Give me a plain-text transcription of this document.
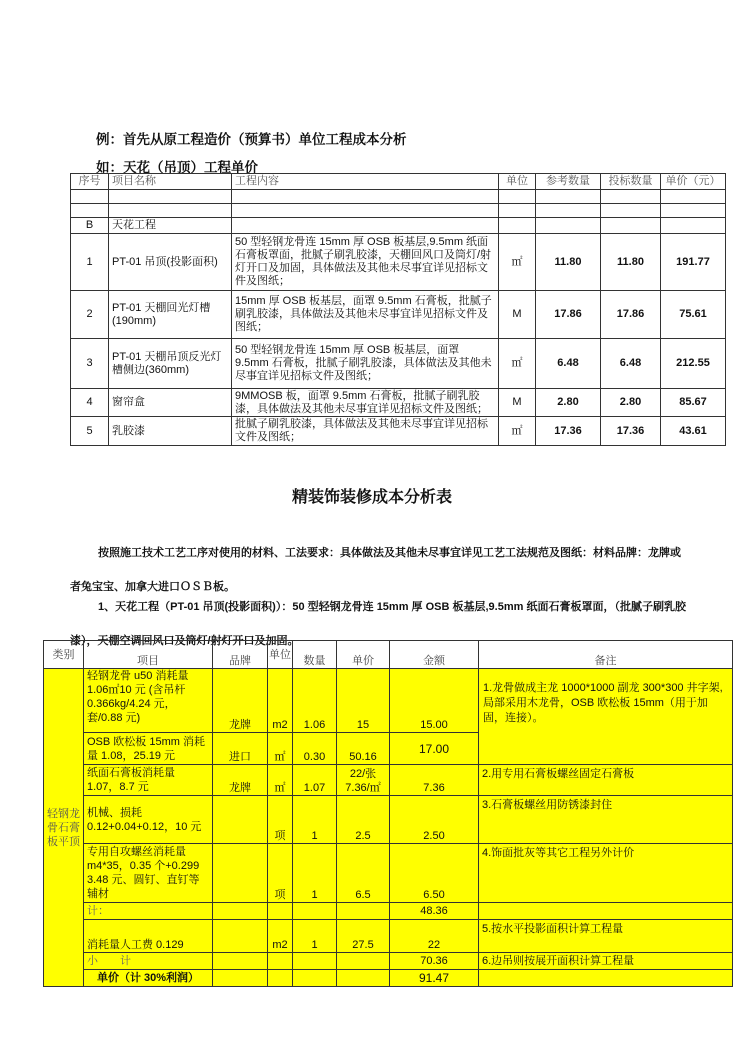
例：首先从原工程造价（预算书）单位工程成本分析
如：天花（吊顶）工程单价
序号	项目名称	工程内容	单位	参考数量	投标数量	单价（元）

B	天花工程					
1	PT-01 吊顶(投影面积)	50 型轻钢龙骨连 15mm 厚 OSB 板基层,9.5mm 纸面石膏板罩面，批腻子刷乳胶漆，天棚回风口及筒灯/射灯开口及加固，具体做法及其他未尽事宜详见招标文件及图纸；	㎡	11.80	11.80	191.77
2	PT-01 天棚回光灯槽(190mm)	15mm 厚 OSB 板基层，面罩 9.5mm 石膏板，批腻子刷乳胶漆，具体做法及其他未尽事宜详见招标文件及图纸；	M	17.86	17.86	75.61
3	PT-01 天棚吊顶反光灯槽侧边(360mm)	50 型轻钢龙骨连 15mm 厚 OSB 板基层，面罩 9.5mm 石膏板，批腻子刷乳胶漆，具体做法及其他未尽事宜详见招标文件及图纸；	㎡	6.48	6.48	212.55
4	窗帘盒	9MMOSB 板，面罩 9.5mm 石膏板，批腻子刷乳胶漆，具体做法及其他未尽事宜详见招标文件及图纸；	M	2.80	2.80	85.67
5	乳胶漆	批腻子刷乳胶漆，具体做法及其他未尽事宜详见招标文件及图纸；	㎡	17.36	17.36	43.61
精装饰装修成本分析表
按照施工技术工艺工序对使用的材料、工法要求：具体做法及其他未尽事宜详见工艺工法规范及图纸：材料品牌：龙牌或者兔宝宝、加拿大进口ＯＳＢ板。
1、天花工程（PT-01 吊顶(投影面积)）：50 型轻钢龙骨连 15mm 厚 OSB 板基层,9.5mm 纸面石膏板罩面，（批腻子刷乳胶漆），天棚空调回风口及筒灯/射灯开口及加固。
类别	项目	品牌	单位	数量	单价	金额	备注
轻钢龙骨石膏板平顶	轻钢龙骨 u50 消耗量 1.06㎡10 元 (含吊杆 0.366kg/4.24 元，套/0.88 元)	龙牌	m2	1.06	15	15.00	1.龙骨做成主龙 1000*1000 副龙 300*300 井字架,局部采用木龙骨，OSB 欧松板 15mm（用于加固，连接）。
	OSB 欧松板 15mm 消耗量 1.08，25.19 元	进口	㎡	0.30	50.16	17.00	
	纸面石膏板消耗量 1.07，8.7 元	龙牌	㎡	1.07	22/张 7.36/㎡	7.36	2.用专用石膏板螺丝固定石膏板
	机械、损耗 0.12+0.04+0.12，10 元		项	1	2.5	2.50	3.石膏板螺丝用防锈漆封住
	专用自攻螺丝消耗量 m4*35，0.35 个+0.299 3.48 元、圆钉、直钉等辅材		项	1	6.5	6.50	4.饰面批灰等其它工程另外计价
	计：					48.36	
	消耗量人工费 0.129		m2	1	27.5	22	5.按水平投影面积计算工程量
	小　　计					70.36	6.边吊则按展开面积计算工程量
	单价（计 30%利润）					91.47	
